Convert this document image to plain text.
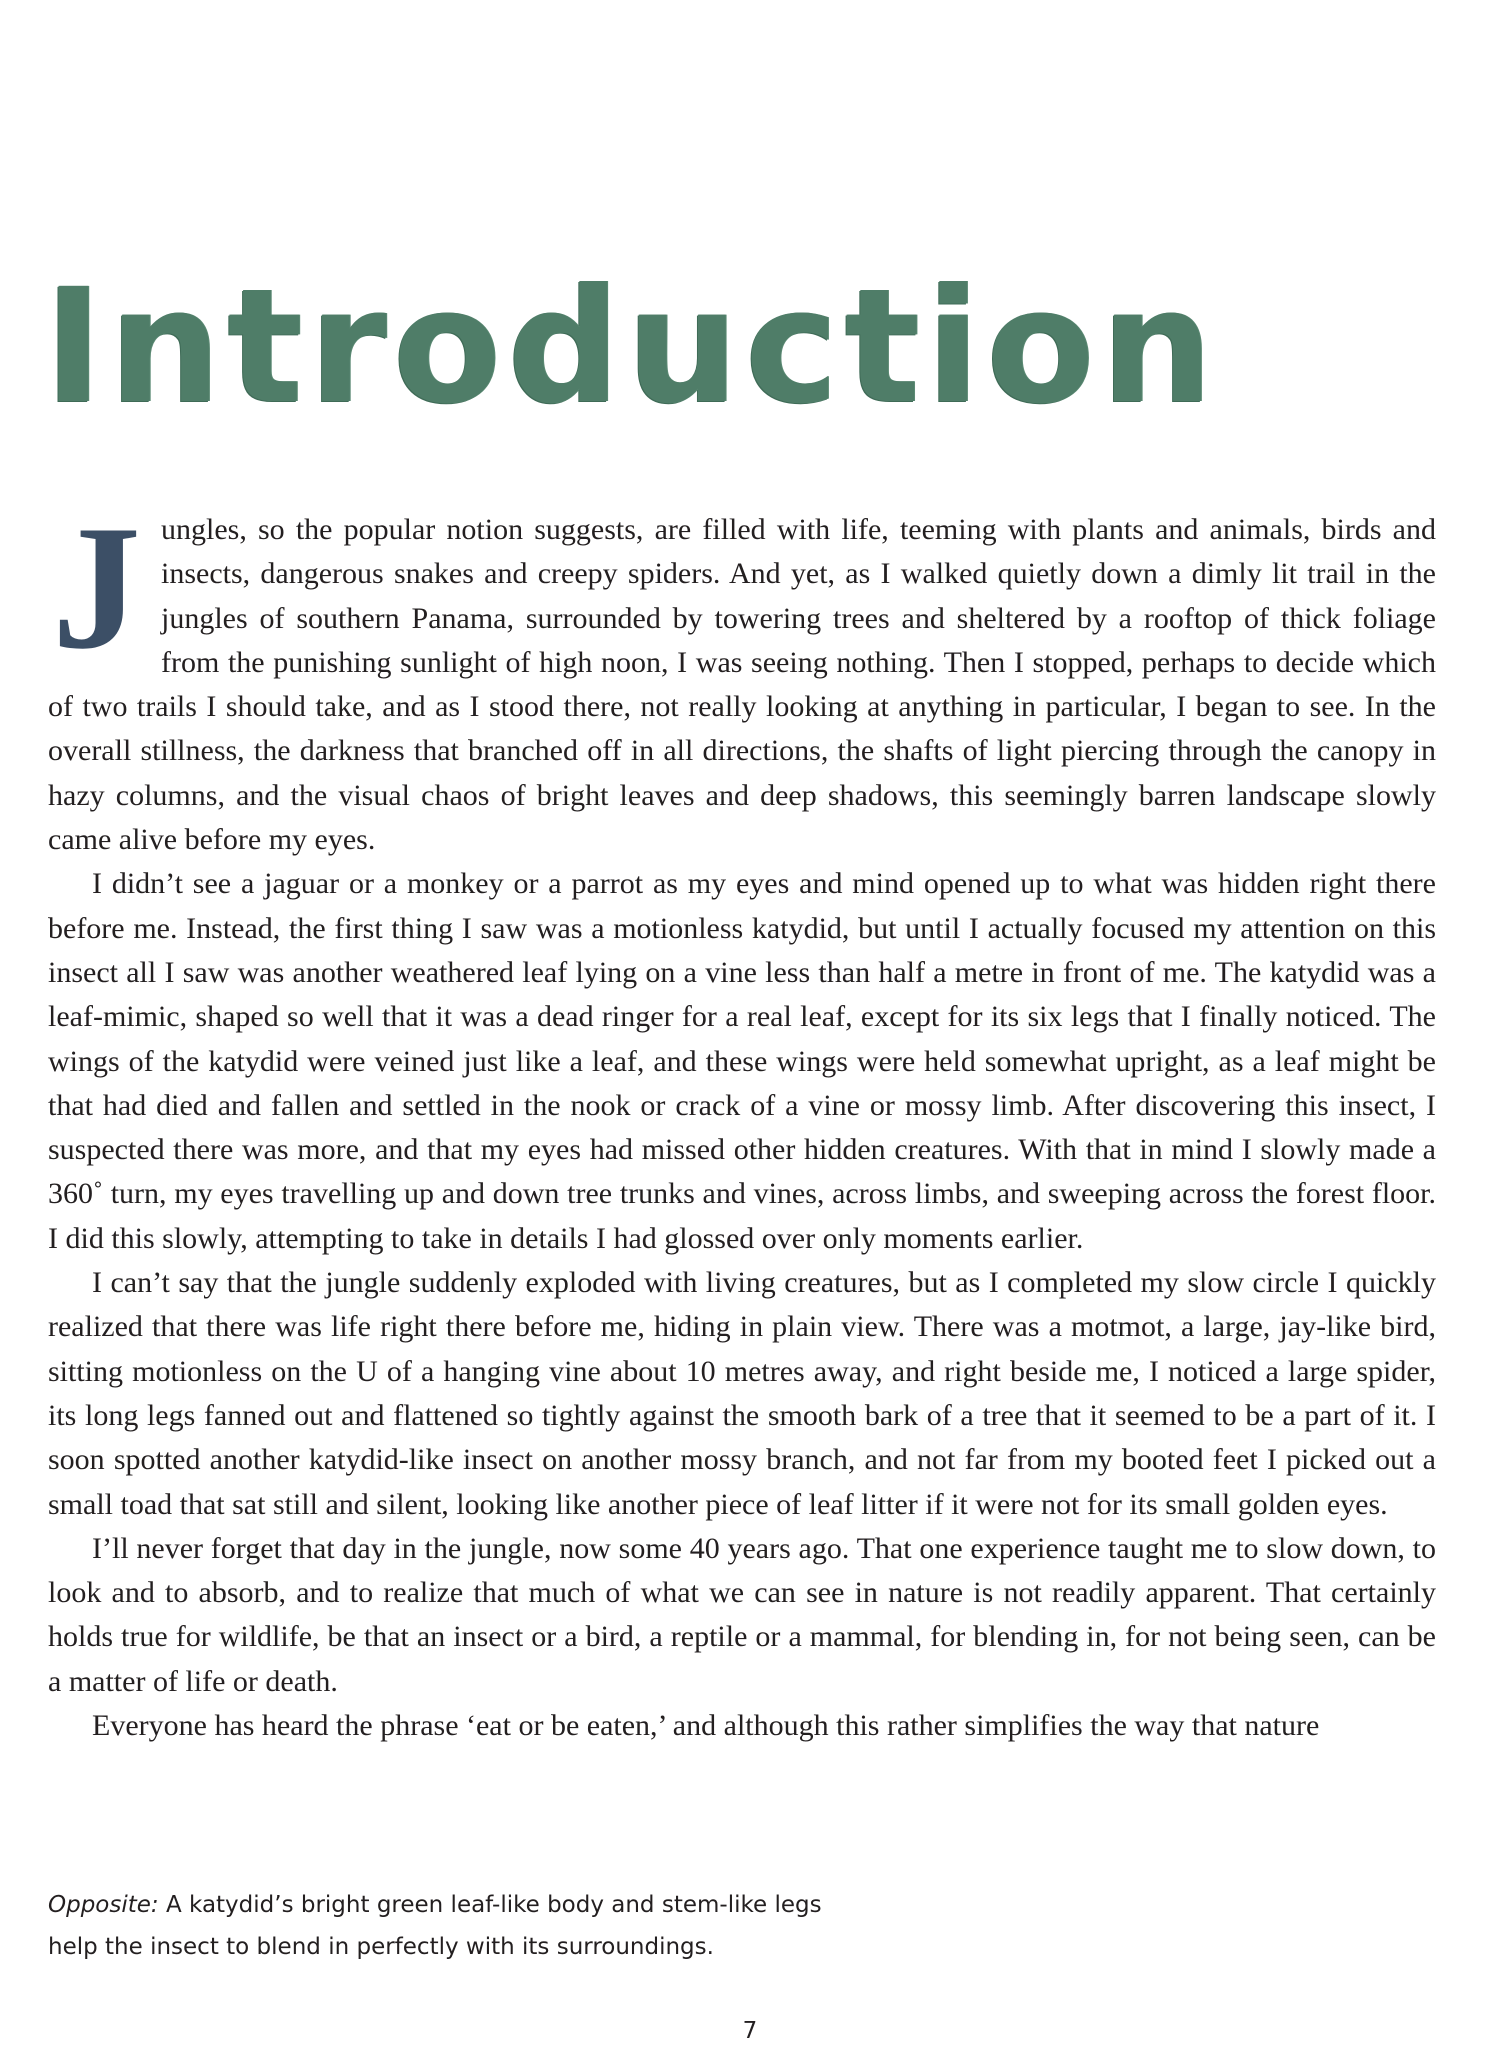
Introduction

Jungles, so the popular notion suggests, are filled with life, teeming with plants and animals, birds and insects, dangerous snakes and creepy spiders. And yet, as I walked quietly down a dimly lit trail in the jungles of southern Panama, surrounded by towering trees and sheltered by a rooftop of thick foliage from the punishing sunlight of high noon, I was seeing nothing. Then I stopped, perhaps to decide which of two trails I should take, and as I stood there, not really looking at anything in particular, I began to see. In the overall stillness, the darkness that branched off in all directions, the shafts of light piercing through the canopy in hazy columns, and the visual chaos of bright leaves and deep shadows, this seemingly barren landscape slowly came alive before my eyes.

I didn’t see a jaguar or a monkey or a parrot as my eyes and mind opened up to what was hidden right there before me. Instead, the first thing I saw was a motionless katydid, but until I actually focused my attention on this insect all I saw was another weathered leaf lying on a vine less than half a metre in front of me. The katydid was a leaf-mimic, shaped so well that it was a dead ringer for a real leaf, except for its six legs that I finally noticed. The wings of the katydid were veined just like a leaf, and these wings were held somewhat upright, as a leaf might be that had died and fallen and settled in the nook or crack of a vine or mossy limb. After discovering this insect, I suspected there was more, and that my eyes had missed other hidden creatures. With that in mind I slowly made a 360˚ turn, my eyes travelling up and down tree trunks and vines, across limbs, and sweeping across the forest floor. I did this slowly, attempting to take in details I had glossed over only moments earlier.

I can’t say that the jungle suddenly exploded with living creatures, but as I completed my slow circle I quickly realized that there was life right there before me, hiding in plain view. There was a motmot, a large, jay-like bird, sitting motionless on the U of a hanging vine about 10 metres away, and right beside me, I noticed a large spider, its long legs fanned out and flattened so tightly against the smooth bark of a tree that it seemed to be a part of it. I soon spotted another katydid-like insect on another mossy branch, and not far from my booted feet I picked out a small toad that sat still and silent, looking like another piece of leaf litter if it were not for its small golden eyes.

I’ll never forget that day in the jungle, now some 40 years ago. That one experience taught me to slow down, to look and to absorb, and to realize that much of what we can see in nature is not readily apparent. That certainly holds true for wildlife, be that an insect or a bird, a reptile or a mammal, for blending in, for not being seen, can be a matter of life or death.

Everyone has heard the phrase ‘eat or be eaten,’ and although this rather simplifies the way that nature

Opposite: A katydid’s bright green leaf-like body and stem-like legs
help the insect to blend in perfectly with its surroundings.
7
